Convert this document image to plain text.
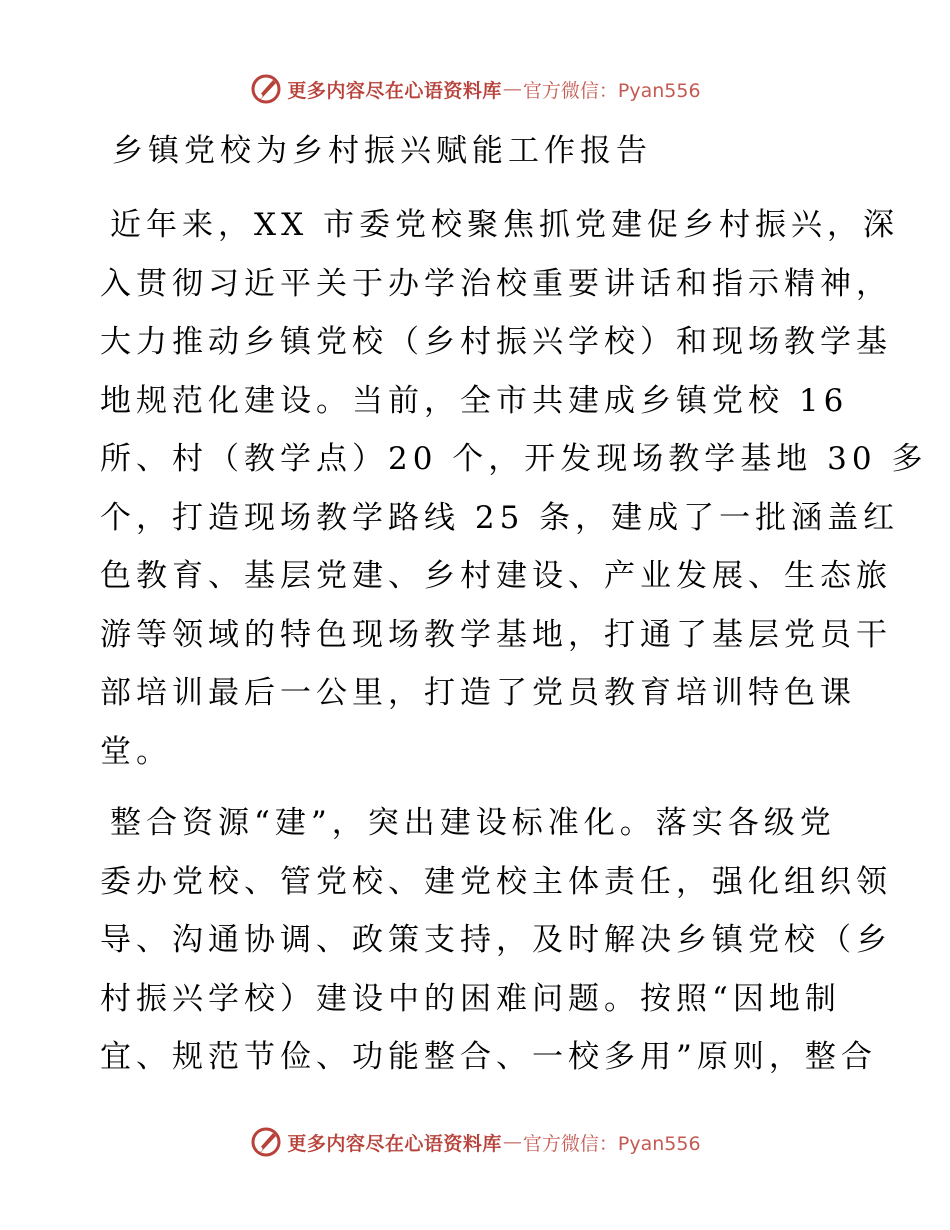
更多内容尽在心语资料库 — 官方微信：Pyan556
乡镇党校为乡村振兴赋能工作报告
近年来，XX 市委党校聚焦抓党建促乡村振兴，深
入贯彻习近平关于办学治校重要讲话和指示精神，
大力推动乡镇党校（乡村振兴学校）和现场教学基
地规范化建设。当前，全市共建成乡镇党校 16
所、村（教学点）20 个，开发现场教学基地 30 多
个，打造现场教学路线 25 条，建成了一批涵盖红
色教育、基层党建、乡村建设、产业发展、生态旅
游等领域的特色现场教学基地，打通了基层党员干
部培训最后一公里，打造了党员教育培训特色课
堂。
整合资源“建”，突出建设标准化。落实各级党
委办党校、管党校、建党校主体责任，强化组织领
导、沟通协调、政策支持，及时解决乡镇党校（乡
村振兴学校）建设中的困难问题。按照“因地制
宜、规范节俭、功能整合、一校多用”原则，整合
更多内容尽在心语资料库 — 官方微信：Pyan556
